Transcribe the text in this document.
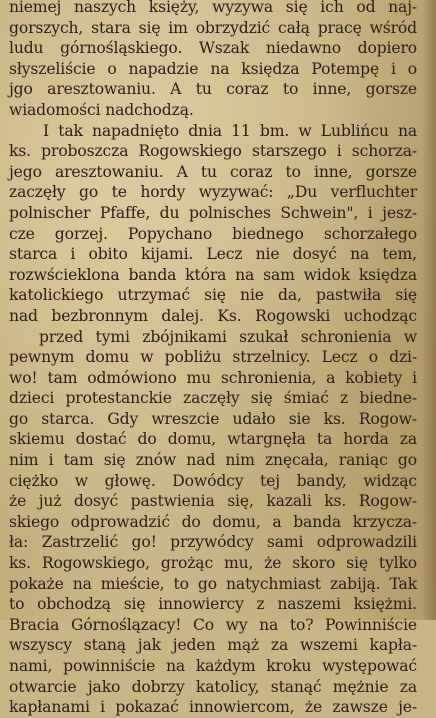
niemej naszych księży, wyzywa się ich od naj-
gorszych, stara się im obrzydzić całą pracę wśród
ludu górnośląskiego. Wszak niedawno dopiero
słyszeliście o napadzie na księdza Potempę i o
jgo aresztowaniu. A tu coraz to inne, gorsze
wiadomości nadchodzą.
I tak napadnięto dnia 11 bm. w Lublińcu na
ks. proboszcza Rogowskiego starszego i schorza-
jego aresztowaniu. A tu coraz to inne, gorsze
zaczęły go te hordy wyzywać: „Du verfluchter
polnischer Pfaffe, du polnisches Schwein", i jesz-
cze gorzej. Popychano biednego schorzałego
starca i obito kijami. Lecz nie dosyć na tem,
rozwścieklona banda która na sam widok księdza
katolickiego utrzymać się nie da, pastwiła się
nad bezbronnym dalej. Ks. Rogowski uchodząc
przed tymi zbójnikami szukał schronienia w
pewnym domu w pobliżu strzelnicy. Lecz o dzi-
wo! tam odmówiono mu schronienia, a kobiety i
dzieci protestanckie zaczęły się śmiać z biedne-
go starca. Gdy wreszcie udało sie ks. Rogow-
skiemu dostać do domu, wtargnęła ta horda za
nim i tam się znów nad nim znęcała, raniąc go
ciężko w głowę. Dowódcy tej bandy, widząc
że już dosyć pastwienia się, kazali ks. Rogow-
skiego odprowadzić do domu, a banda krzycza-
ła: Zastrzelić go! przywódcy sami odprowadzili
ks. Rogowskiego, grożąc mu, że skoro się tylko
pokaże na mieście, to go natychmiast zabiją. Tak
to obchodzą się innowiercy z naszemi księżmi.
Bracia Górnoślązacy! Co wy na to? Powinniście
wszyscy staną jak jeden mąż za wszemi kapła-
nami, powinniście na każdym kroku występować
otwarcie jako dobrzy katolicy, stanąć mężnie za
kapłanami i pokazać innowiercom, że zawsze je-
